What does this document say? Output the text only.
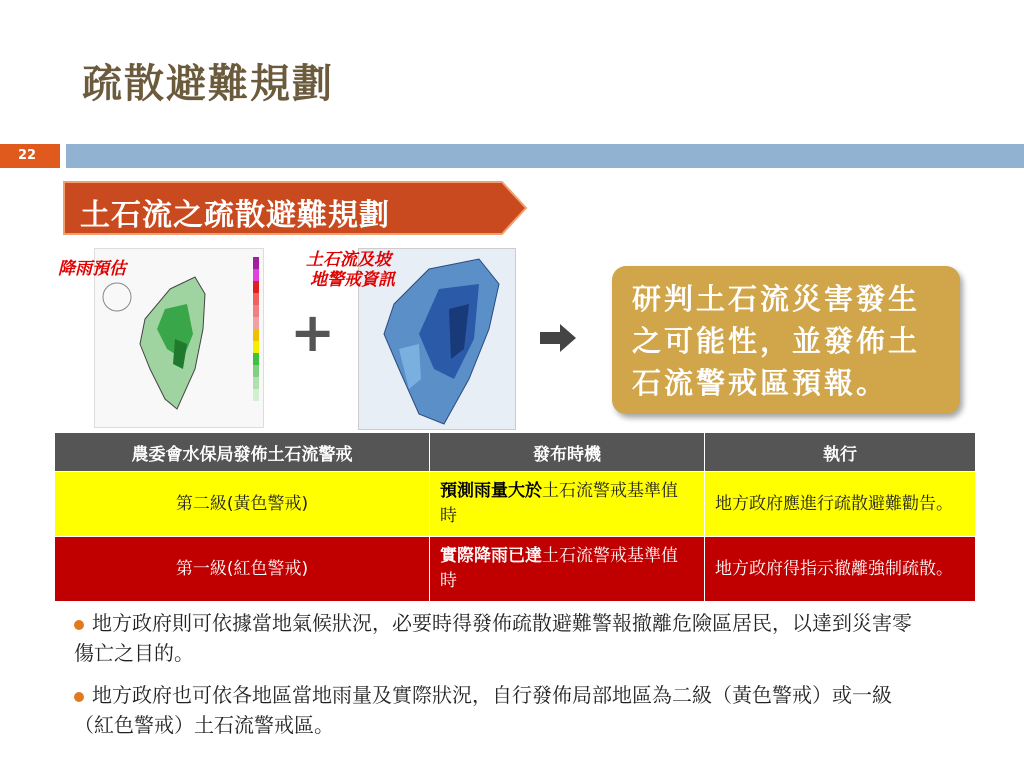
疏散避難規劃
22
土石流之疏散避難規劃
降雨預估
+
土石流及坡
地警戒資訊
研判土石流災害發生之可能性，並發佈土石流警戒區預報。
農委會水保局發佈土石流警戒	發布時機	執行
第二級(黃色警戒)	預測雨量大於土石流警戒基準值時	地方政府應進行疏散避難勸告。
第一級(紅色警戒)	實際降雨已達土石流警戒基準值時	地方政府得指示撤離強制疏散。
地方政府則可依據當地氣候狀況，必要時得發佈疏散避難警報撤離危險區居民，以達到災害零傷亡之目的。
地方政府也可依各地區當地雨量及實際狀況，自行發佈局部地區為二級（黃色警戒）或一級（紅色警戒）土石流警戒區。
